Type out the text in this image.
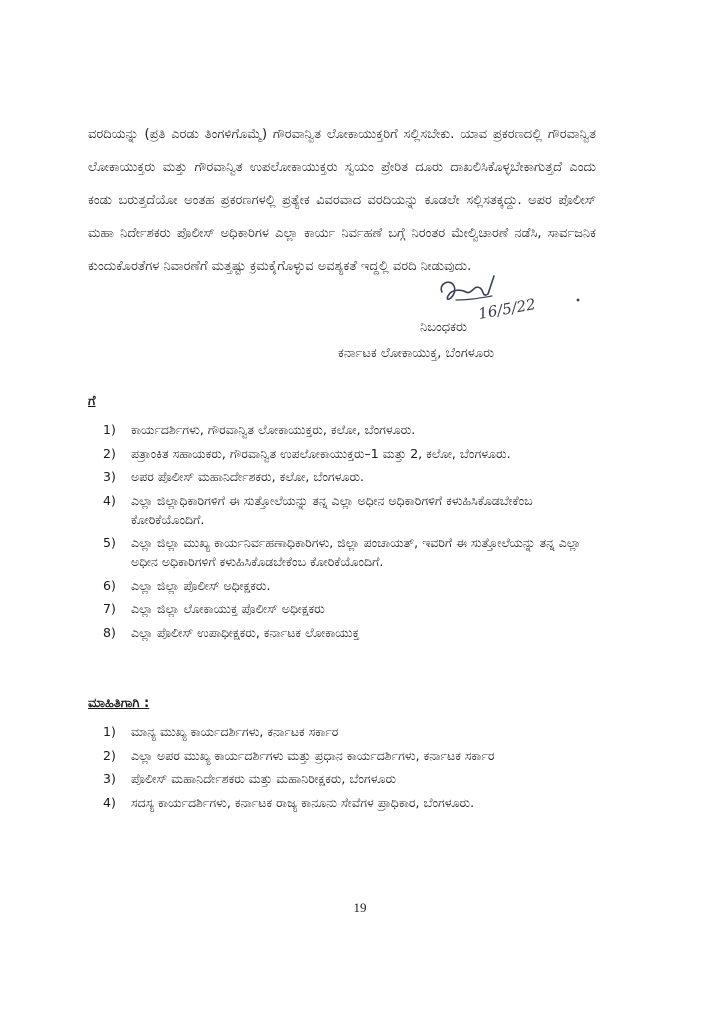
ವರದಿಯನ್ನು (ಪ್ರತಿ ಎರಡು ತಿಂಗಳಿಗೊಮ್ಮೆ) ಗೌರವಾನ್ವಿತ ಲೋಕಾಯುಕ್ತರಿಗೆ ಸಲ್ಲಿಸಬೇಕು. ಯಾವ ಪ್ರಕರಣದಲ್ಲಿ ಗೌರವಾನ್ವಿತ ಲೋಕಾಯುಕ್ತರು ಮತ್ತು ಗೌರವಾನ್ವಿತ ಉಪಲೋಕಾಯುಕ್ತರು ಸ್ವಯಂ ಪ್ರೇರಿತ ದೂರು ದಾಖಲಿಸಿಕೊಳ್ಳಬೇಕಾಗುತ್ತದೆ ಎಂದು ಕಂಡು ಬರುತ್ತದೆಯೋ ಅಂತಹ ಪ್ರಕರಣಗಳಲ್ಲಿ ಪ್ರತ್ಯೇಕ ವಿವರವಾದ ವರದಿಯನ್ನು ಕೂಡಲೇ ಸಲ್ಲಿಸತಕ್ಕದ್ದು. ಅಪರ ಪೊಲೀಸ್ ಮಹಾ ನಿರ್ದೇಶಕರು ಪೊಲೀಸ್ ಅಧಿಕಾರಿಗಳ ಎಲ್ಲಾ ಕಾರ್ಯ ನಿರ್ವಹಣೆ ಬಗ್ಗೆ ನಿರಂತರ ಮೇಲ್ವಿಚಾರಣೆ ನಡೆಸಿ, ಸಾರ್ವಜನಿಕ ಕುಂದುಕೊರತೆಗಳ ನಿವಾರಣೆಗೆ ಮತ್ತಷ್ಟು ಕ್ರಮಕೈಗೊಳ್ಳುವ ಅವಶ್ಯಕತೆ ಇದ್ದಲ್ಲಿ ವರದಿ ನೀಡುವುದು.

16/5/22
ನಿಬಂಧಕರು
ಕರ್ನಾಟಕ ಲೋಕಾಯುಕ್ತ, ಬೆಂಗಳೂರು
ಗೆ
1)	ಕಾರ್ಯದರ್ಶಿಗಳು, ಗೌರವಾನ್ವಿತ ಲೋಕಾಯುಕ್ತರು, ಕಲೋ, ಬೆಂಗಳೂರು.
2)	ಪತ್ರಾಂಕಿತ ಸಹಾಯಕರು, ಗೌರವಾನ್ವಿತ ಉಪಲೋಕಾಯುಕ್ತರು–1 ಮತ್ತು 2, ಕಲೋ, ಬೆಂಗಳೂರು.
3)	ಅಪರ ಪೊಲೀಸ್ ಮಹಾನಿರ್ದೇಶಕರು, ಕಲೋ, ಬೆಂಗಳೂರು.
4)	ಎಲ್ಲಾ ಜಿಲ್ಲಾಧಿಕಾರಿಗಳಿಗೆ ಈ ಸುತ್ತೋಲೆಯನ್ನು ತನ್ನ ಎಲ್ಲಾ ಅಧೀನ ಅಧಿಕಾರಿಗಳಿಗೆ ಕಳುಹಿಸಿಕೊಡಬೇಕೆಂಬ ಕೋರಿಕೆಯೊಂದಿಗೆ.
5)	ಎಲ್ಲಾ ಜಿಲ್ಲಾ ಮುಖ್ಯ ಕಾರ್ಯನಿರ್ವಹಣಾಧಿಕಾರಿಗಳು, ಜಿಲ್ಲಾ ಪಂಚಾಯತ್, ಇವರಿಗೆ ಈ ಸುತ್ತೋಲೆಯನ್ನು ತನ್ನ ಎಲ್ಲಾ ಅಧೀನ ಅಧಿಕಾರಿಗಳಿಗೆ ಕಳುಹಿಸಿಕೊಡಬೇಕೆಂಬ ಕೋರಿಕೆಯೊಂದಿಗೆ.
6)	ಎಲ್ಲಾ ಜಿಲ್ಲಾ ಪೊಲೀಸ್ ಅಧೀಕ್ಷಕರು.
7)	ಎಲ್ಲಾ ಜಿಲ್ಲಾ ಲೋಕಾಯುಕ್ತ ಪೊಲೀಸ್ ಅಧೀಕ್ಷಕರು
8)	ಎಲ್ಲಾ ಪೊಲೀಸ್ ಉಪಾಧೀಕ್ಷಕರು, ಕರ್ನಾಟಕ ಲೋಕಾಯುಕ್ತ
ಮಾಹಿತಿಗಾಗಿ :
1)	ಮಾನ್ಯ ಮುಖ್ಯ ಕಾರ್ಯದರ್ಶಿಗಳು, ಕರ್ನಾಟಕ ಸರ್ಕಾರ
2)	ಎಲ್ಲಾ ಅಪರ ಮುಖ್ಯ ಕಾರ್ಯದರ್ಶಿಗಳು ಮತ್ತು ಪ್ರಧಾನ ಕಾರ್ಯದರ್ಶಿಗಳು, ಕರ್ನಾಟಕ ಸರ್ಕಾರ
3)	ಪೊಲೀಸ್ ಮಹಾನಿರ್ದೇಶಕರು ಮತ್ತು ಮಹಾನಿರೀಕ್ಷಕರು, ಬೆಂಗಳೂರು
4)	ಸದಸ್ಯ ಕಾರ್ಯದರ್ಶಿಗಳು, ಕರ್ನಾಟಕ ರಾಜ್ಯ ಕಾನೂನು ಸೇವೆಗಳ ಪ್ರಾಧಿಕಾರ, ಬೆಂಗಳೂರು.
19
